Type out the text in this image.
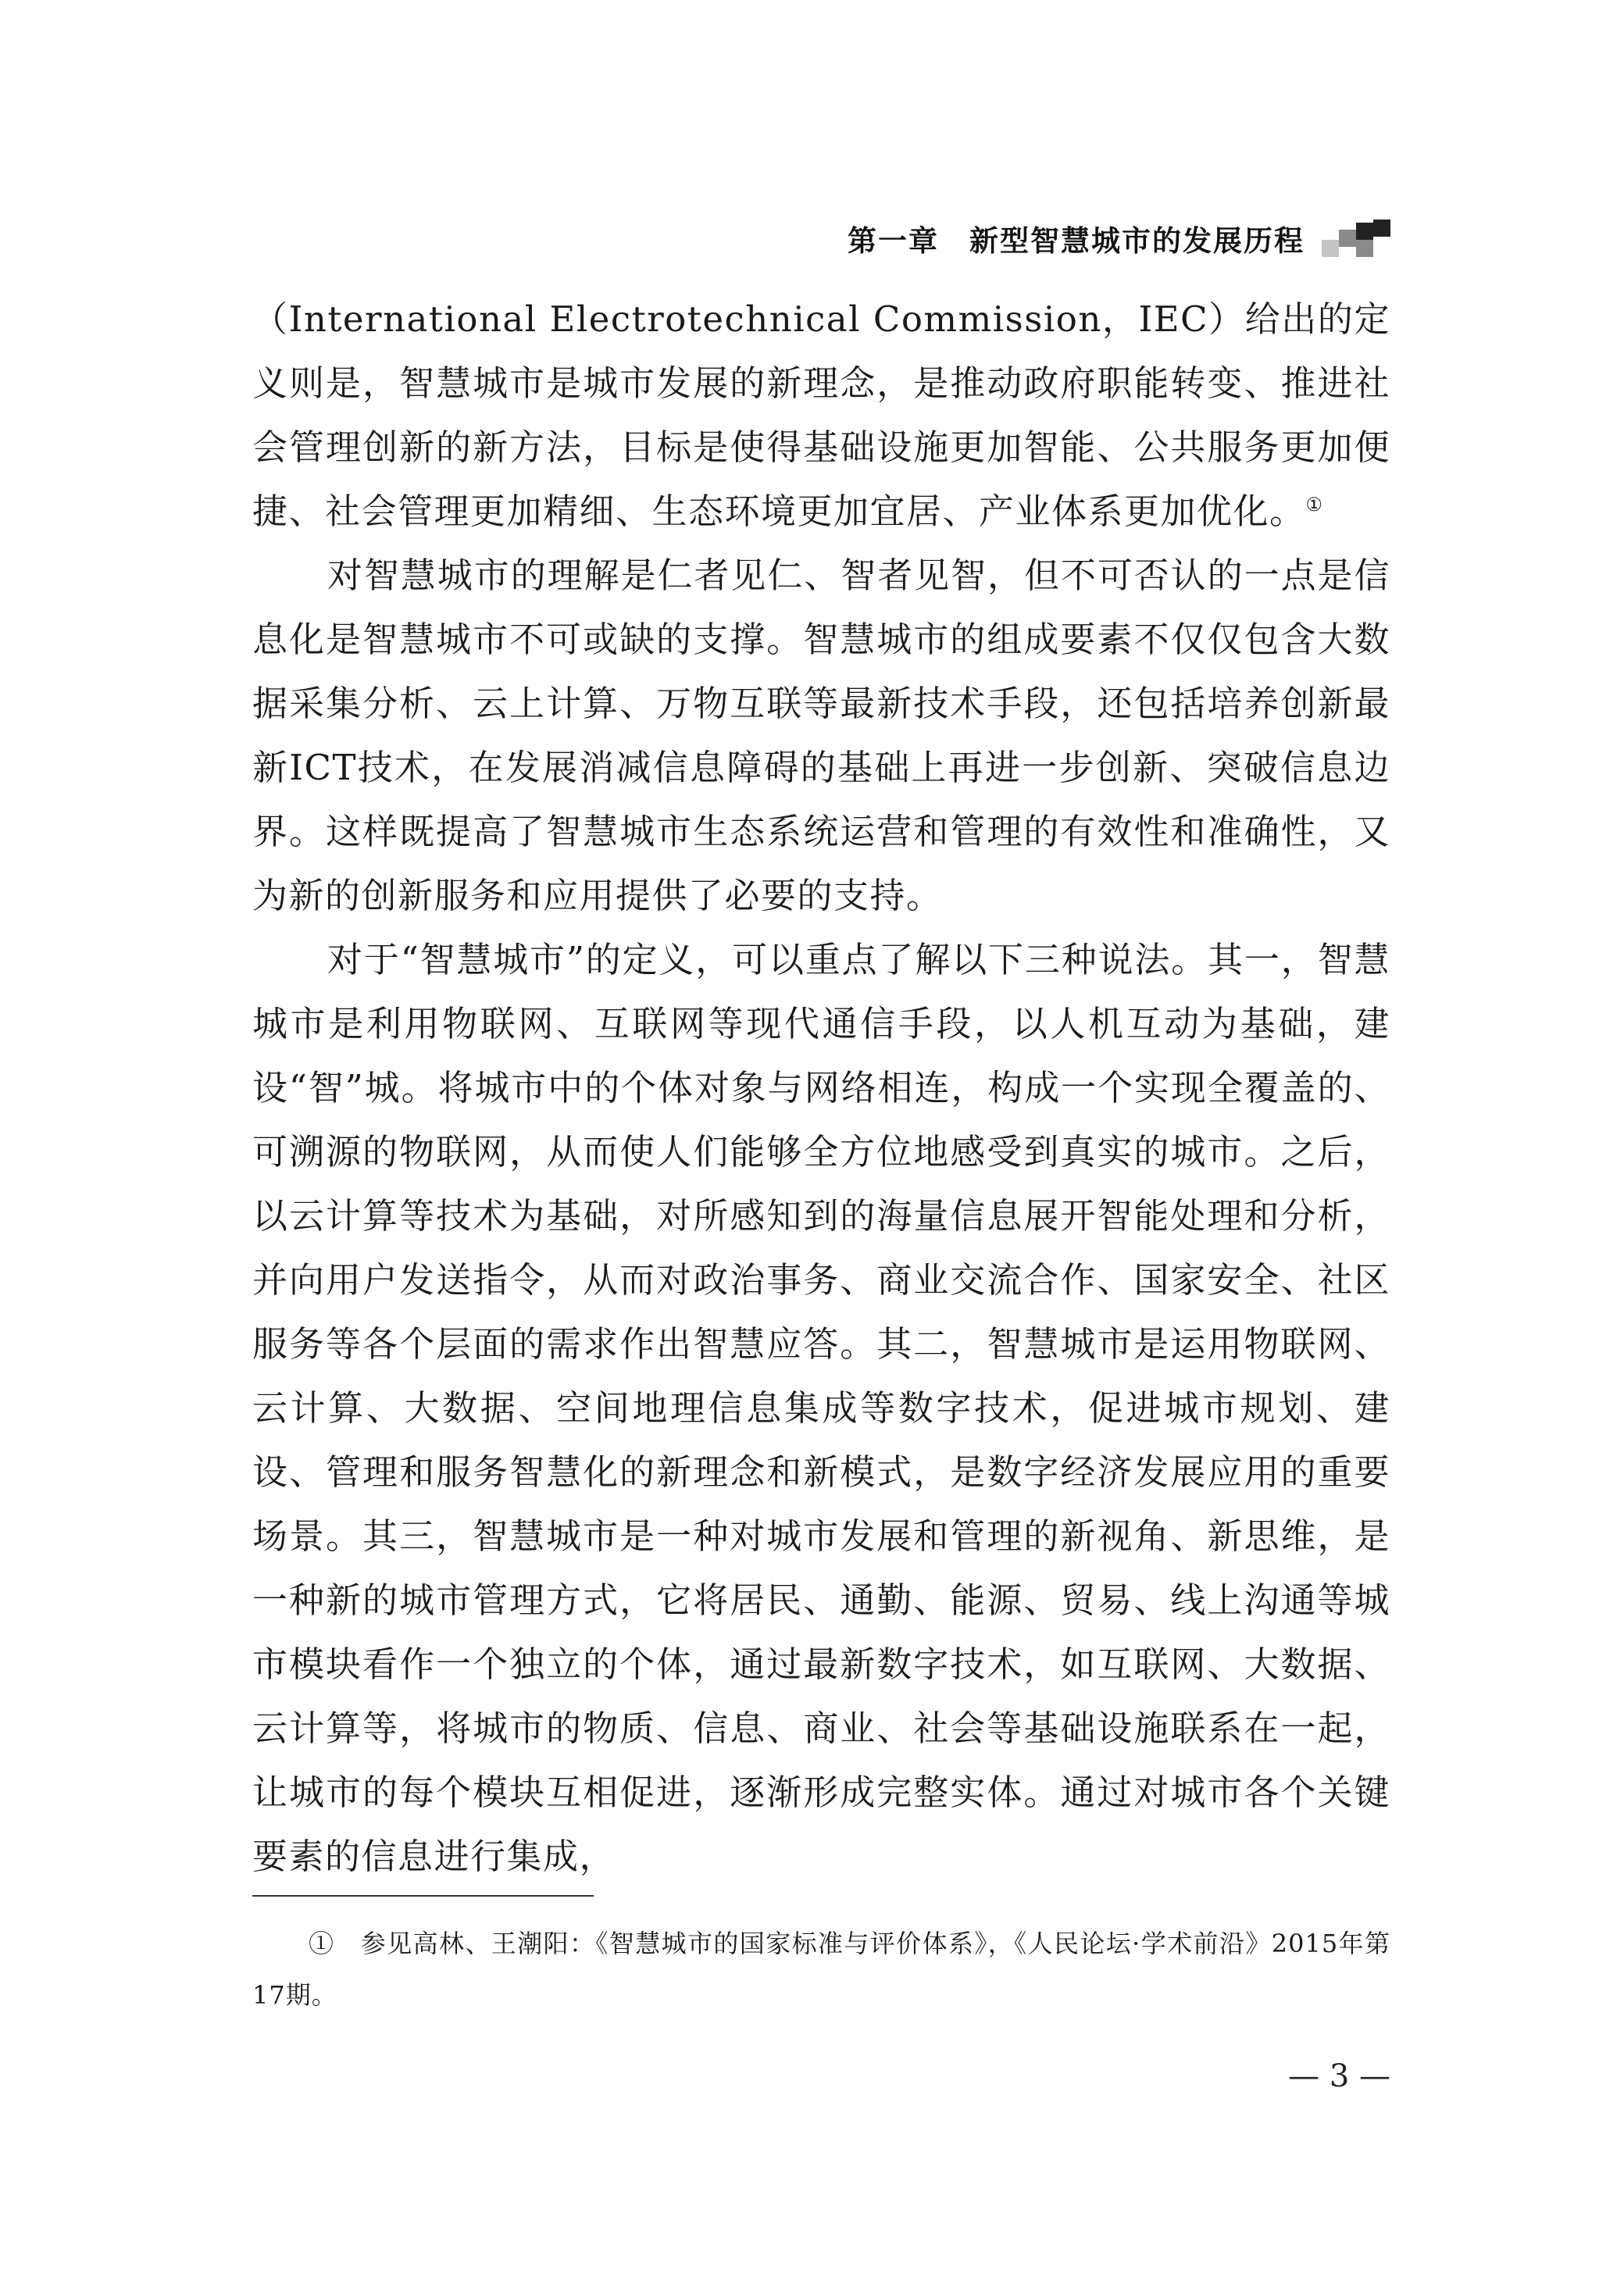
第一章　新型智慧城市的发展历程

（International Electrotechnical Commission，IEC）给出的定义则是，智慧城市是城市发展的新理念，是推动政府职能转变、推进社会管理创新的新方法，目标是使得基础设施更加智能、公共服务更加便捷、社会管理更加精细、生态环境更加宜居、产业体系更加优化。①

对智慧城市的理解是仁者见仁、智者见智，但不可否认的一点是信息化是智慧城市不可或缺的支撑。智慧城市的组成要素不仅仅包含大数据采集分析、云上计算、万物互联等最新技术手段，还包括培养创新最新ICT技术，在发展消减信息障碍的基础上再进一步创新、突破信息边界。这样既提高了智慧城市生态系统运营和管理的有效性和准确性，又为新的创新服务和应用提供了必要的支持。

对于“智慧城市”的定义，可以重点了解以下三种说法。其一，智慧城市是利用物联网、互联网等现代通信手段，以人机互动为基础，建设“智”城。将城市中的个体对象与网络相连，构成一个实现全覆盖的、可溯源的物联网，从而使人们能够全方位地感受到真实的城市。之后，以云计算等技术为基础，对所感知到的海量信息展开智能处理和分析，并向用户发送指令，从而对政治事务、商业交流合作、国家安全、社区服务等各个层面的需求作出智慧应答。其二，智慧城市是运用物联网、云计算、大数据、空间地理信息集成等数字技术，促进城市规划、建设、管理和服务智慧化的新理念和新模式，是数字经济发展应用的重要场景。其三，智慧城市是一种对城市发展和管理的新视角、新思维，是一种新的城市管理方式，它将居民、通勤、能源、贸易、线上沟通等城市模块看作一个独立的个体，通过最新数字技术，如互联网、大数据、云计算等，将城市的物质、信息、商业、社会等基础设施联系在一起，让城市的每个模块互相促进，逐渐形成完整实体。通过对城市各个关键要素的信息进行集成，

①　参见高林、王潮阳：《智慧城市的国家标准与评价体系》，《人民论坛·学术前沿》2015年第17期。
— 3 —
